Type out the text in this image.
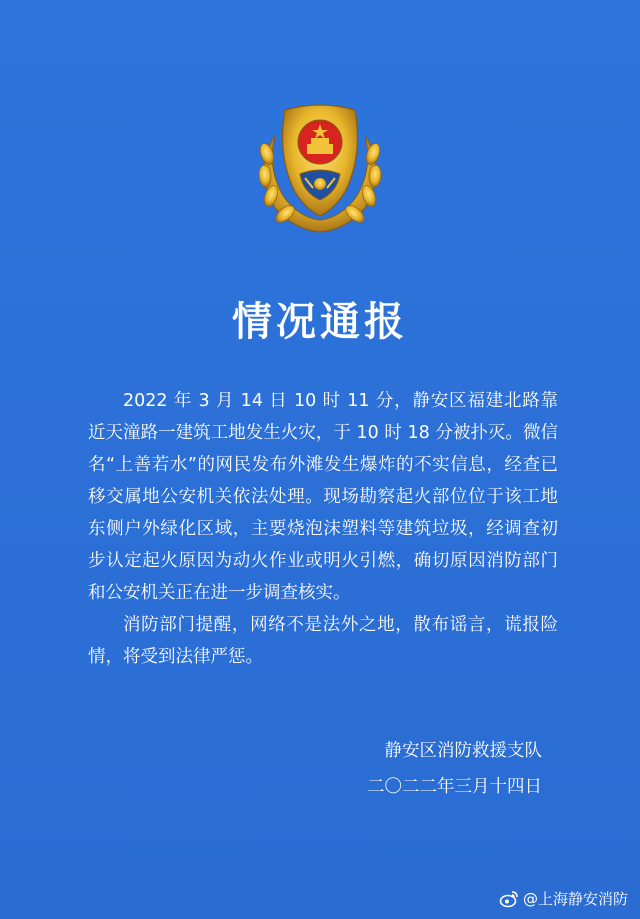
情况通报

2022 年 3 月 14 日 10 时 11 分，静安区福建北路靠近天潼路一建筑工地发生火灾，于 10 时 18 分被扑灭。微信名“上善若水”的网民发布外滩发生爆炸的不实信息，经查已移交属地公安机关依法处理。现场勘察起火部位位于该工地东侧户外绿化区域，主要烧泡沫塑料等建筑垃圾，经调查初步认定起火原因为动火作业或明火引燃，确切原因消防部门和公安机关正在进一步调查核实。

消防部门提醒，网络不是法外之地，散布谣言，谎报险情，将受到法律严惩。

静安区消防救援支队
二〇二二年三月十四日
@上海静安消防
